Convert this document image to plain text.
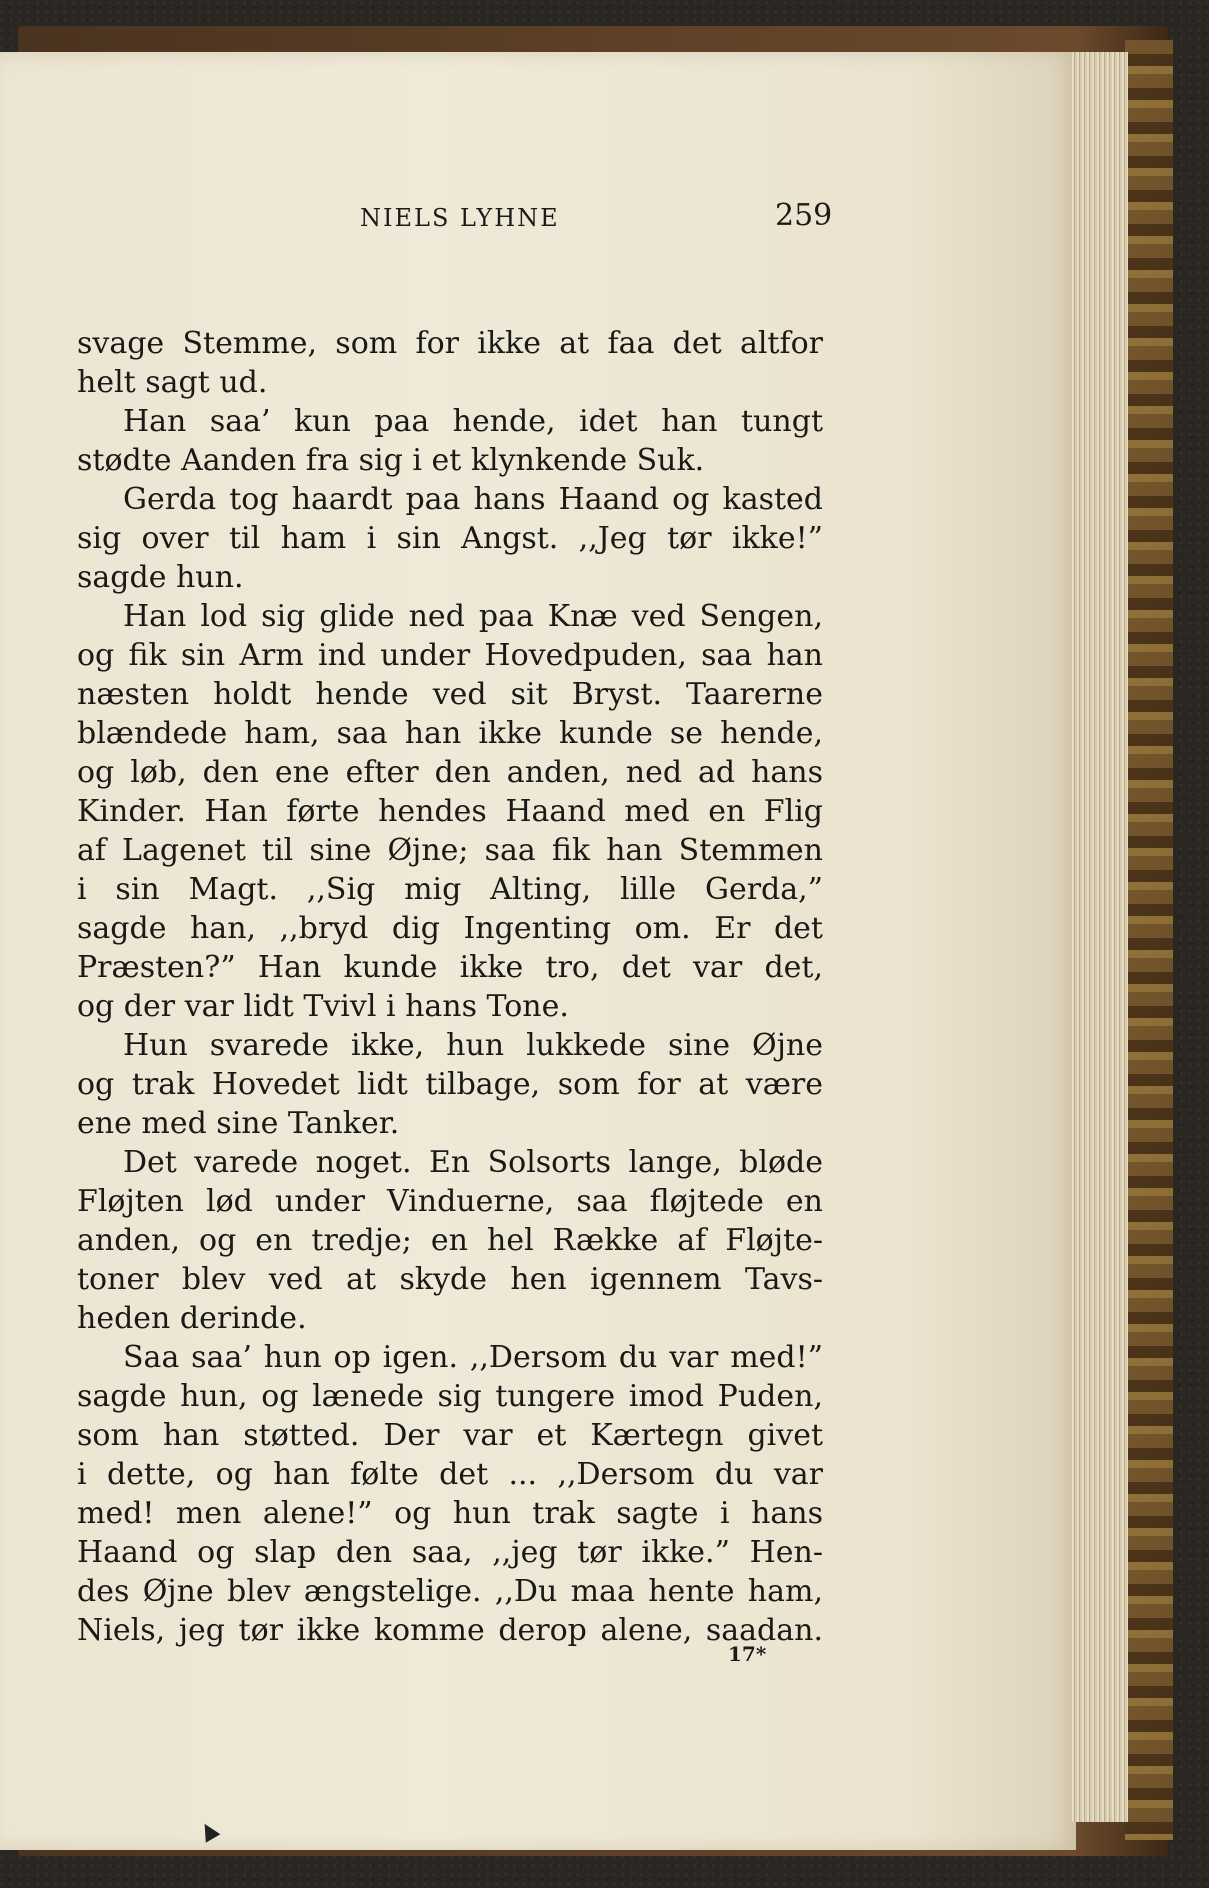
NIELS LYHNE	259
svage Stemme, som for ikke at faa det altfor
helt sagt ud.
Han saa’ kun paa hende, idet han tungt
stødte Aanden fra sig i et klynkende Suk.
Gerda tog haardt paa hans Haand og kasted
sig over til ham i sin Angst. ,,Jeg tør ikke!”
sagde hun.
Han lod sig glide ned paa Knæ ved Sengen,
og fik sin Arm ind under Hovedpuden, saa han
næsten holdt hende ved sit Bryst. Taarerne
blændede ham, saa han ikke kunde se hende,
og løb, den ene efter den anden, ned ad hans
Kinder. Han førte hendes Haand med en Flig
af Lagenet til sine Øjne; saa fik han Stemmen
i sin Magt. ,,Sig mig Alting, lille Gerda,”
sagde han, ,,bryd dig Ingenting om. Er det
Præsten?” Han kunde ikke tro, det var det,
og der var lidt Tvivl i hans Tone.
Hun svarede ikke, hun lukkede sine Øjne
og trak Hovedet lidt tilbage, som for at være
ene med sine Tanker.
Det varede noget. En Solsorts lange, bløde
Fløjten lød under Vinduerne, saa fløjtede en
anden, og en tredje; en hel Række af Fløjte-
toner blev ved at skyde hen igennem Tavs-
heden derinde.
Saa saa’ hun op igen. ,,Dersom du var med!”
sagde hun, og lænede sig tungere imod Puden,
som han støtted. Der var et Kærtegn givet
i dette, og han følte det ... ,,Dersom du var
med! men alene!” og hun trak sagte i hans
Haand og slap den saa, ,,jeg tør ikke.” Hen-
des Øjne blev ængstelige. ,,Du maa hente ham,
Niels, jeg tør ikke komme derop alene, saadan.
17*
▲
